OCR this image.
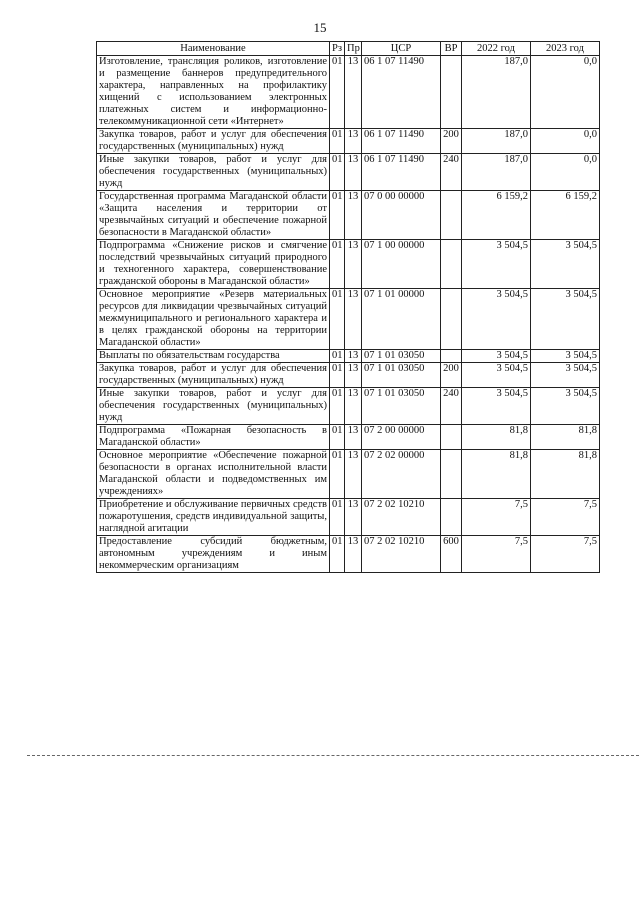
15
Наименование	Рз	Пр	ЦСР	ВР	2022 год	2023 год
Изготовление, трансляция роликов, изготовление и размещение баннеров предупредительного характера, направленных на профилактику хищений с использованием электронных платежных систем и информационно-телекоммуникационной сети «Интернет»	01	13	06 1 07 11490		187,0	0,0
Закупка товаров, работ и услуг для обеспечения государственных (муниципальных) нужд	01	13	06 1 07 11490	200	187,0	0,0
Иные закупки товаров, работ и услуг для обеспечения государственных (муниципальных) нужд	01	13	06 1 07 11490	240	187,0	0,0
Государственная программа Магаданской области «Защита населения и территории от чрезвычайных ситуаций и обеспечение пожарной безопасности в Магаданской области»	01	13	07 0 00 00000		6 159,2	6 159,2
Подпрограмма «Снижение рисков и смягчение последствий чрезвычайных ситуаций природного и техногенного характера, совершенствование гражданской обороны в Магаданской области»	01	13	07 1 00 00000		3 504,5	3 504,5
Основное мероприятие «Резерв материальных ресурсов для ликвидации чрезвычайных ситуаций межмуниципального и регионального характера и в целях гражданской обороны на территории Магаданской области»	01	13	07 1 01 00000		3 504,5	3 504,5
Выплаты по обязательствам государства	01	13	07 1 01 03050		3 504,5	3 504,5
Закупка товаров, работ и услуг для обеспечения государственных (муниципальных) нужд	01	13	07 1 01 03050	200	3 504,5	3 504,5
Иные закупки товаров, работ и услуг для обеспечения государственных (муниципальных) нужд	01	13	07 1 01 03050	240	3 504,5	3 504,5
Подпрограмма «Пожарная безопасность в Магаданской области»	01	13	07 2 00 00000		81,8	81,8
Основное мероприятие «Обеспечение пожарной безопасности в органах исполнительной власти Магаданской области и подведомственных им учреждениях»	01	13	07 2 02 00000		81,8	81,8
Приобретение и обслуживание первичных средств пожаротушения, средств индивидуальной защиты, наглядной агитации	01	13	07 2 02 10210		7,5	7,5
Предоставление субсидий бюджетным, автономным учреждениям и иным некоммерческим организациям	01	13	07 2 02 10210	600	7,5	7,5
